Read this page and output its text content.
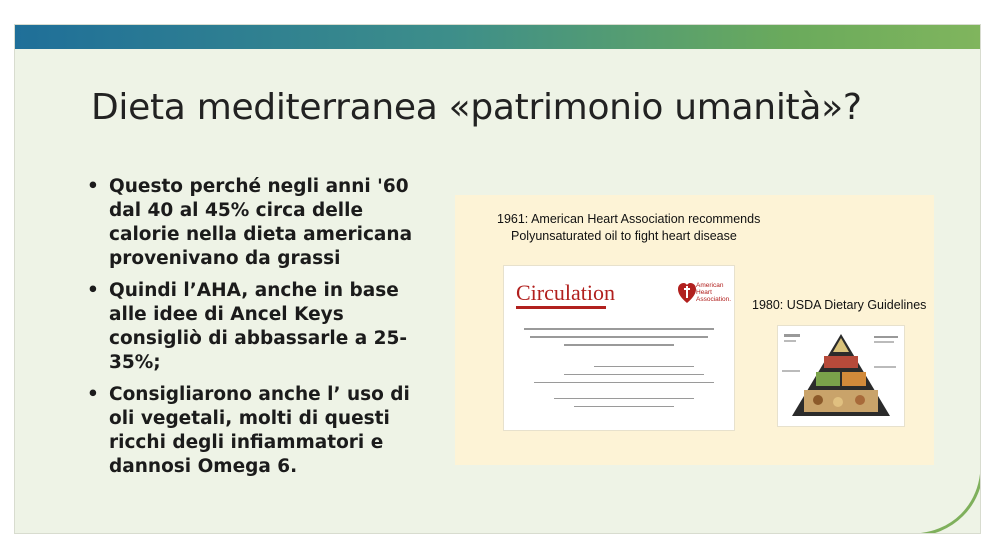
Dieta mediterranea «patrimonio umanità»?
• Questo perché negli anni '60 dal 40 al 45% circa delle calorie nella dieta americana provenivano da grassi
• Quindi l’AHA, anche in base alle idee di Ancel Keys consigliò di abbassarle a 25-35%;
• Consigliarono anche l’ uso di oli vegetali, molti di questi ricchi degli infiammatori e dannosi Omega 6.
1961: American Heart Association recommends
Polyunsaturated oil to fight heart disease
Circulation	American Heart Association. 1980: USDA Dietary Guidelines
